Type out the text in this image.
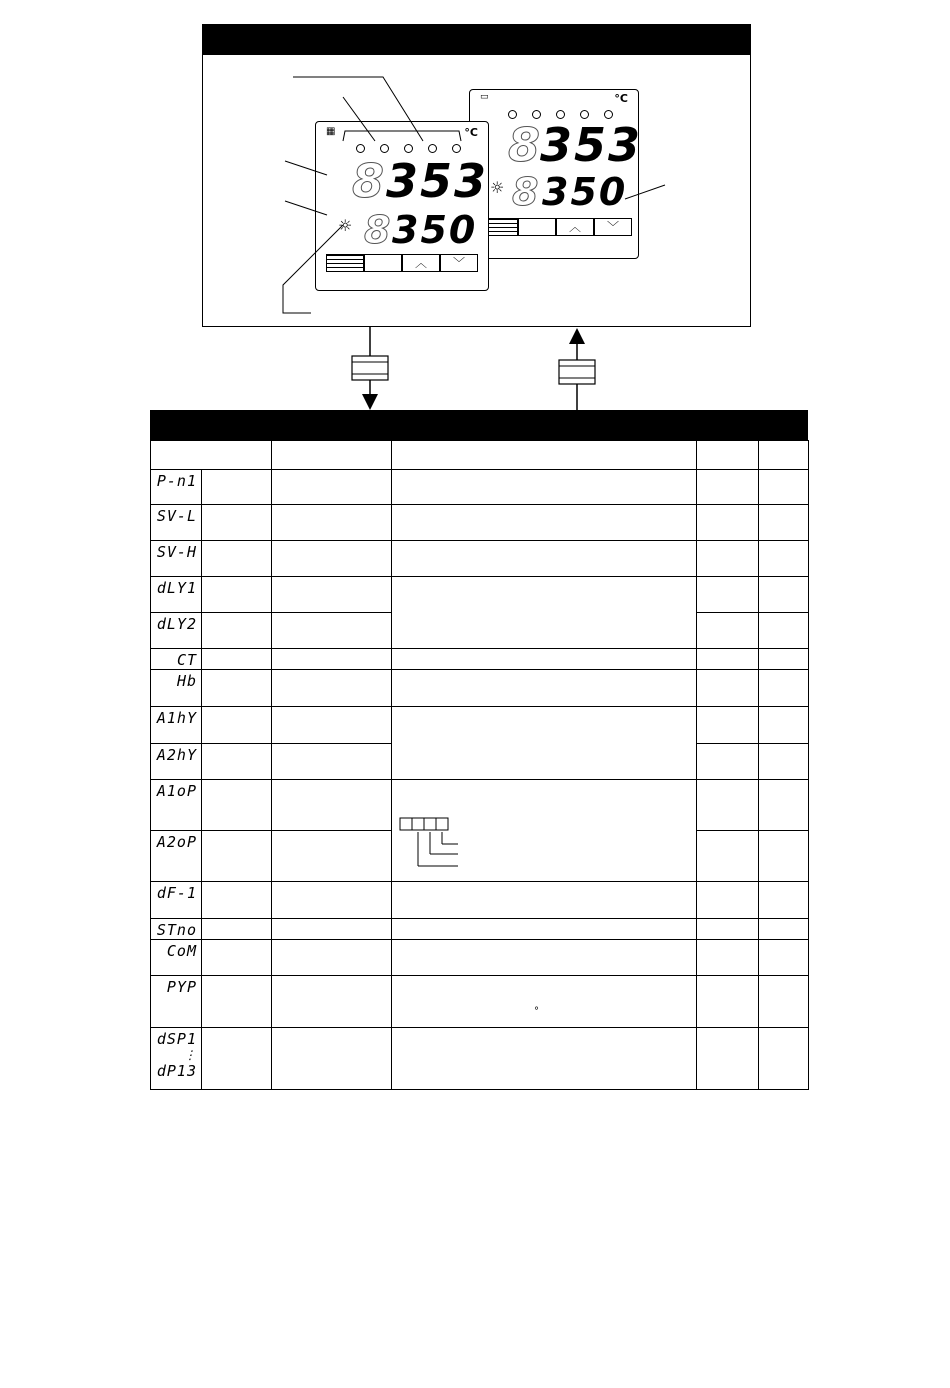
▭	°C
8
353
8 350
☼
︿	﹀
▦	°C
8 353
8 350
☼
︿	﹀

P-n1					
SV-L					
SV-H					
dLY1					
dLY2					
CT					
Hb					
A1hY					
A2hY					
A1oP			

A2oP					
dF-1					
STno					
CoM					
PYP			°		

dSP1
⋮
dP13					
